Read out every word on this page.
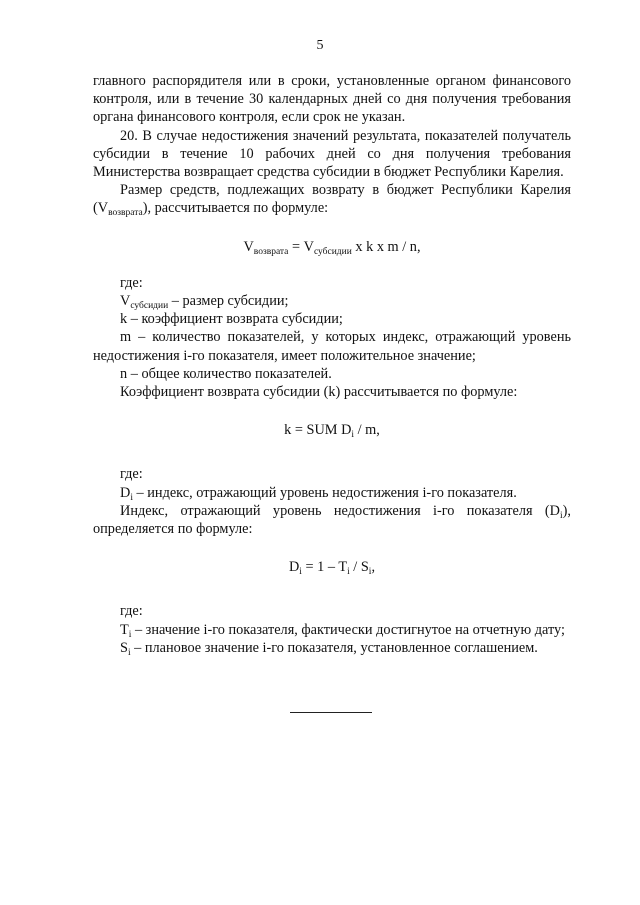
5

главного распорядителя или в сроки, установленные органом финансового контроля, или в течение 30 календарных дней со дня получения требования органа финансового контроля, если срок не указан.

20. В случае недостижения значений результата, показателей получатель субсидии в течение 10 рабочих дней со дня получения требования Министерства возвращает средства субсидии в бюджет Республики Карелия.

Размер средств, подлежащих возврату в бюджет Республики Карелия $(V_{возврата})$, рассчитывается по формуле:

$V_{возврата} = V_{субсидии}$ x k x m / n,

где:

$V_{субсидии}$ – размер субсидии;

k – коэффициент возврата субсидии;

m – количество показателей, у которых индекс, отражающий уровень недостижения i-го показателя, имеет положительное значение;

n – общее количество показателей.

Коэффициент возврата субсидии (k) рассчитывается по формуле:

k = SUM $D_i$ / m,

где:

$D_i$ – индекс, отражающий уровень недостижения i-го показателя.

Индекс, отражающий уровень недостижения i-го показателя $(D_i)$, определяется по формуле:

$D_i = 1 - T_i / S_i$,

где:

$T_i$ – значение i-го показателя, фактически достигнутое на отчетную дату;

$S_i$ – плановое значение i-го показателя, установленное соглашением.
